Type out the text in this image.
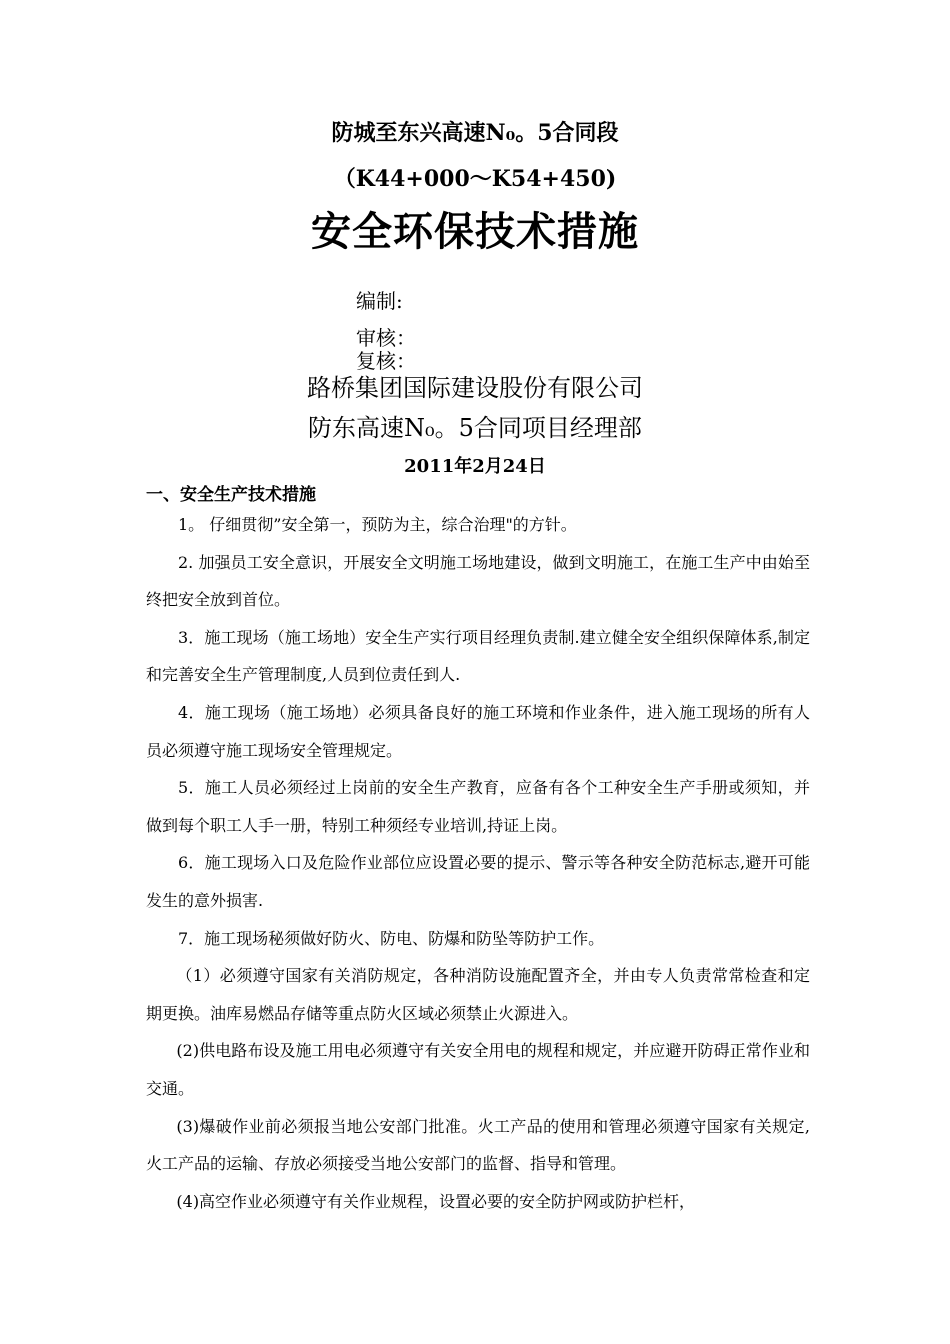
防城至东兴高速N₀。5合同段
（K44+000～K54+450)
安全环保技术措施
编制:
审核：
复核：
路桥集团国际建设股份有限公司
防东高速N₀。5合同项目经理部
2011年2月24日
一、安全生产技术措施

1。 仔细贯彻”安全第一，预防为主，综合治理"的方针。

2. 加强员工安全意识，开展安全文明施工场地建设，做到文明施工，在施工生产中由始至终把安全放到首位。

3．施工现场（施工场地）安全生产实行项目经理负责制.建立健全安全组织保障体系,制定和完善安全生产管理制度,人员到位责任到人.

4．施工现场（施工场地）必须具备良好的施工环境和作业条件，进入施工现场的所有人员必须遵守施工现场安全管理规定。

5．施工人员必须经过上岗前的安全生产教育，应备有各个工种安全生产手册或须知，并做到每个职工人手一册，特别工种须经专业培训,持证上岗。

6．施工现场入口及危险作业部位应设置必要的提示、警示等各种安全防范标志,避开可能发生的意外损害.

7．施工现场秘须做好防火、防电、防爆和防坠等防护工作。

（1）必须遵守国家有关消防规定，各种消防设施配置齐全，并由专人负责常常检查和定期更换。油库易燃品存储等重点防火区域必须禁止火源进入。

(2)供电路布设及施工用电必须遵守有关安全用电的规程和规定，并应避开防碍正常作业和交通。

(3)爆破作业前必须报当地公安部门批准。火工产品的使用和管理必须遵守国家有关规定,火工产品的运输、存放必须接受当地公安部门的监督、指导和管理。

(4)高空作业必须遵守有关作业规程，设置必要的安全防护网或防护栏杆，
